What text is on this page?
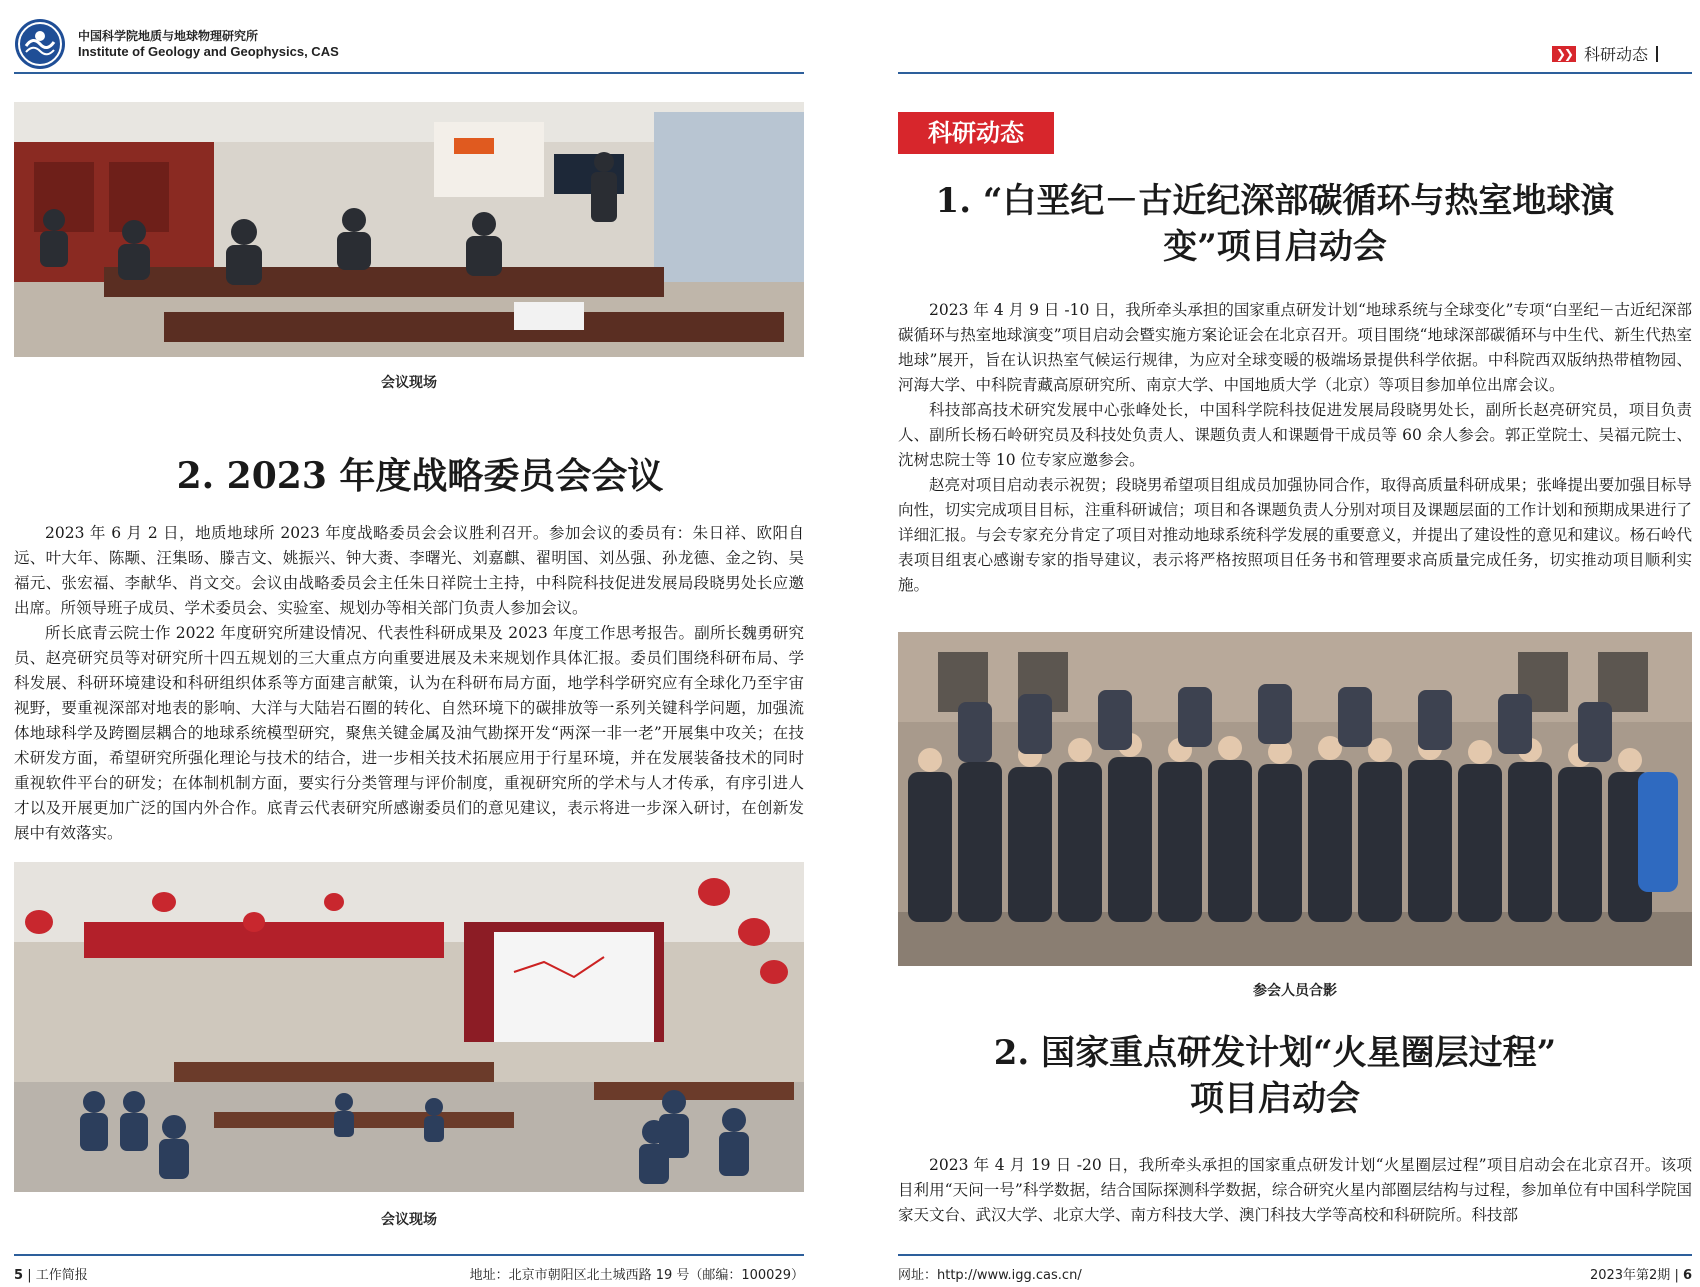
中国科学院地质与地球物理研究所
Institute of Geology and Geophysics, CAS
会议现场
2. 2023 年度战略委员会会议

2023 年 6 月 2 日，地质地球所 2023 年度战略委员会会议胜利召开。参加会议的委员有：朱日祥、欧阳自远、叶大年、陈颙、汪集旸、滕吉文、姚振兴、钟大赉、李曙光、刘嘉麒、翟明国、刘丛强、孙龙德、金之钧、吴福元、张宏福、李献华、肖文交。会议由战略委员会主任朱日祥院士主持，中科院科技促进发展局段晓男处长应邀出席。所领导班子成员、学术委员会、实验室、规划办等相关部门负责人参加会议。

所长底青云院士作 2022 年度研究所建设情况、代表性科研成果及 2023 年度工作思考报告。副所长魏勇研究员、赵亮研究员等对研究所十四五规划的三大重点方向重要进展及未来规划作具体汇报。委员们围绕科研布局、学科发展、科研环境建设和科研组织体系等方面建言献策，认为在科研布局方面，地学科学研究应有全球化乃至宇宙视野，要重视深部对地表的影响、大洋与大陆岩石圈的转化、自然环境下的碳排放等一系列关键科学问题，加强流体地球科学及跨圈层耦合的地球系统模型研究，聚焦关键金属及油气勘探开发“两深一非一老”开展集中攻关；在技术研发方面，希望研究所强化理论与技术的结合，进一步相关技术拓展应用于行星环境，并在发展装备技术的同时重视软件平台的研发；在体制机制方面，要实行分类管理与评价制度，重视研究所的学术与人才传承，有序引进人才以及开展更加广泛的国内外合作。底青云代表研究所感谢委员们的意见建议，表示将进一步深入研讨，在创新发展中有效落实。

会议现场
5 | 工作简报	地址：北京市朝阳区北土城西路 19 号（邮编：100029）
❯❯ 科研动态
科研动态
1. “白垩纪－古近纪深部碳循环与热室地球演
变”项目启动会

2023 年 4 月 9 日 -10 日，我所牵头承担的国家重点研发计划“地球系统与全球变化”专项“白垩纪－古近纪深部碳循环与热室地球演变”项目启动会暨实施方案论证会在北京召开。项目围绕“地球深部碳循环与中生代、新生代热室地球”展开，旨在认识热室气候运行规律，为应对全球变暖的极端场景提供科学依据。中科院西双版纳热带植物园、河海大学、中科院青藏高原研究所、南京大学、中国地质大学（北京）等项目参加单位出席会议。

科技部高技术研究发展中心张峰处长，中国科学院科技促进发展局段晓男处长，副所长赵亮研究员，项目负责人、副所长杨石岭研究员及科技处负责人、课题负责人和课题骨干成员等 60 余人参会。郭正堂院士、吴福元院士、沈树忠院士等 10 位专家应邀参会。

赵亮对项目启动表示祝贺；段晓男希望项目组成员加强协同合作，取得高质量科研成果；张峰提出要加强目标导向性，切实完成项目目标，注重科研诚信；项目和各课题负责人分别对项目及课题层面的工作计划和预期成果进行了详细汇报。与会专家充分肯定了项目对推动地球系统科学发展的重要意义，并提出了建设性的意见和建议。杨石岭代表项目组衷心感谢专家的指导建议，表示将严格按照项目任务书和管理要求高质量完成任务，切实推动项目顺利实施。

参会人员合影
2. 国家重点研发计划“火星圈层过程”
项目启动会

2023 年 4 月 19 日 -20 日，我所牵头承担的国家重点研发计划“火星圈层过程”项目启动会在北京召开。该项目利用“天问一号”科学数据，结合国际探测科学数据，综合研究火星内部圈层结构与过程，参加单位有中国科学院国家天文台、武汉大学、北京大学、南方科技大学、澳门科技大学等高校和科研院所。科技部

网址：http://www.igg.cas.cn/	2023年第2期 | 6
